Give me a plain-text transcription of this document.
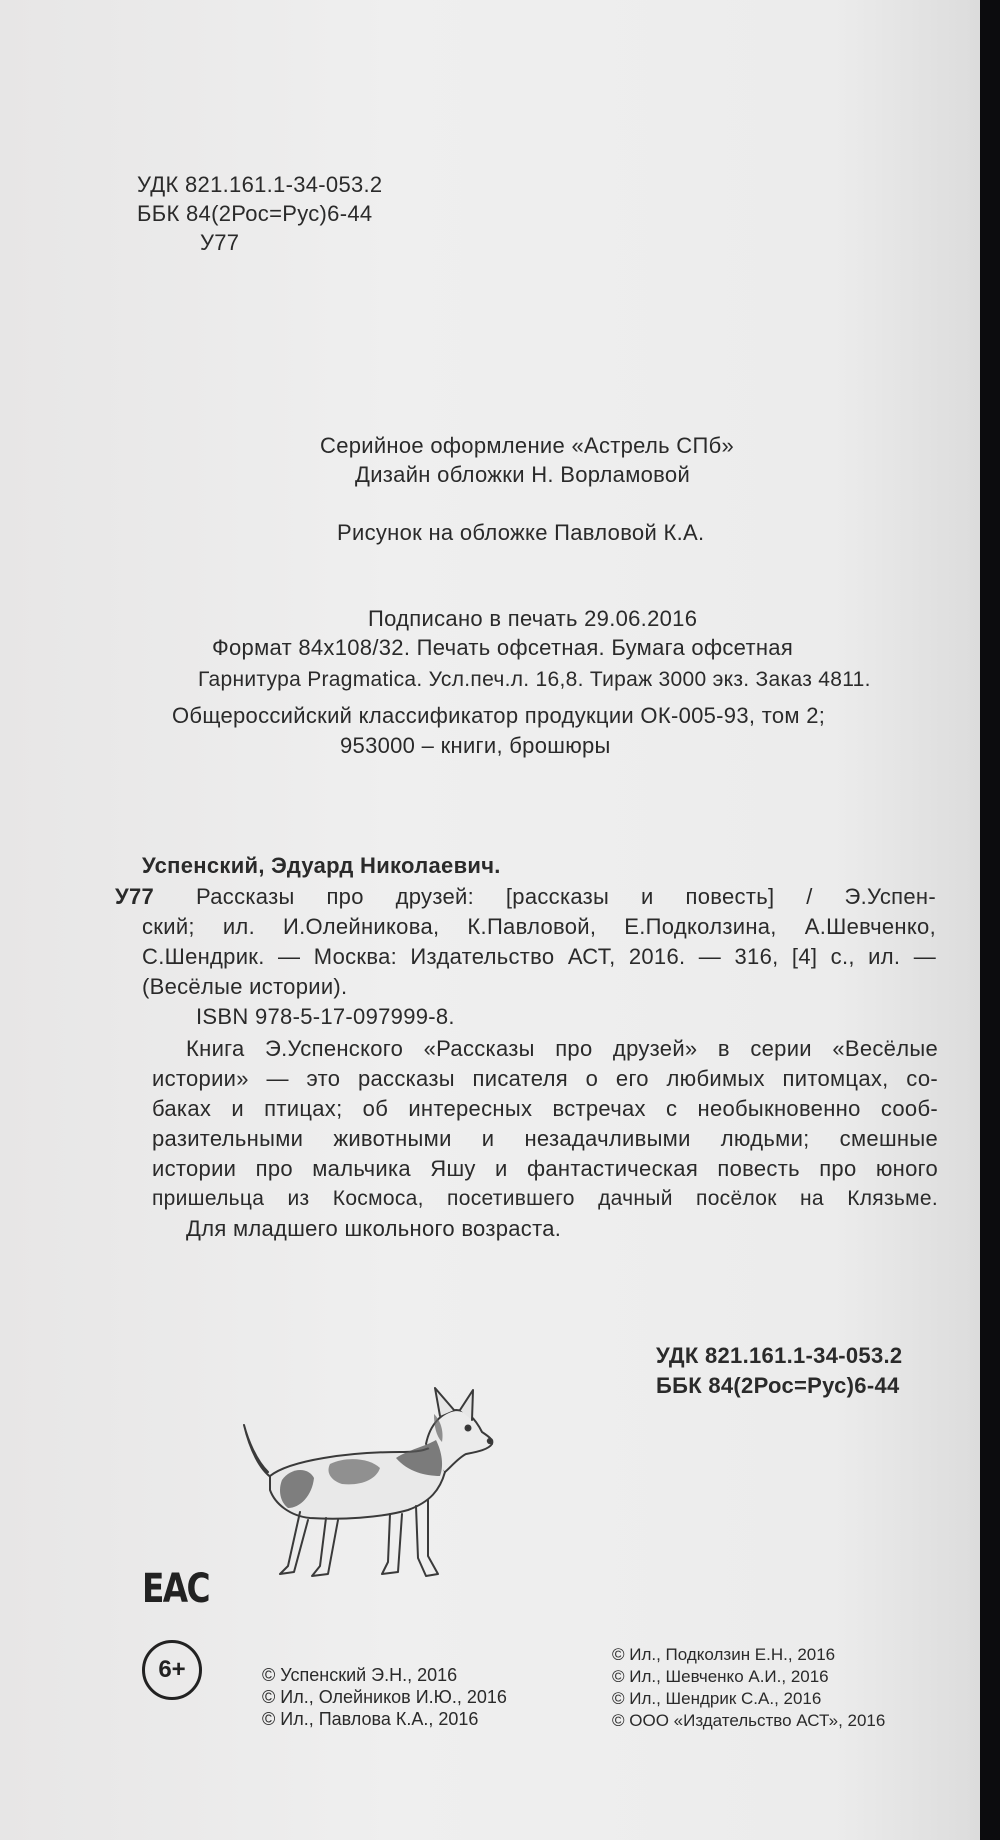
УДК 821.161.1-34-053.2
ББК 84(2Рос=Рус)6-44
У77
Серийное оформление «Астрель СПб»
Дизайн обложки Н. Ворламовой
Рисунок на обложке Павловой К.А.
Подписано в печать 29.06.2016
Формат 84x108/32. Печать офсетная. Бумага офсетная
Гарнитура Pragmatica. Усл.печ.л. 16,8. Тираж 3000 экз. Заказ 4811.
Общероссийский классификатор продукции ОК-005-93, том 2;
953000 – книги, брошюры
Успенский, Эдуард Николаевич.
У77 Рассказы про друзей: [рассказы и повесть] / Э.Успен-
ский; ил. И.Олейникова, К.Павловой, Е.Подколзина, А.Шевченко,
С.Шендрик. — Москва: Издательство АСТ, 2016. — 316, [4] с., ил. —
(Весёлые истории).
ISBN 978-5-17-097999-8.
Книга Э.Успенского «Рассказы про друзей» в серии «Весёлые
истории» — это рассказы писателя о его любимых питомцах, со-
баках и птицах; об интересных встречах с необыкновенно сооб-
разительными животными и незадачливыми людьми; смешные
истории про мальчика Яшу и фантастическая повесть про юного
пришельца из Космоса, посетившего дачный посёлок на Клязьме.
Для младшего школьного возраста.
УДК 821.161.1-34-053.2
ББК 84(2Рос=Рус)6-44
ЕАС
6+	© Успенский Э.Н., 2016
© Ил., Олейников И.Ю., 2016
© Ил., Павлова К.А., 2016
© Ил., Подколзин Е.Н., 2016
© Ил., Шевченко А.И., 2016
© Ил., Шендрик С.А., 2016
© ООО «Издательство АСТ», 2016
